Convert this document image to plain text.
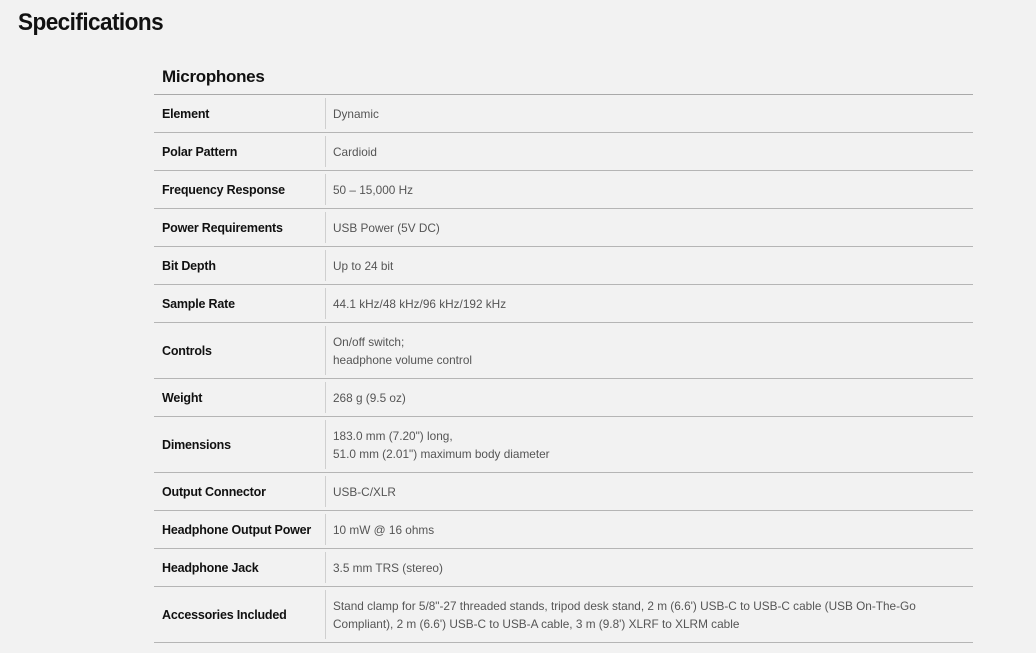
Specifications
Microphones
Element	Dynamic

Polar Pattern	Cardioid

Frequency Response	50 – 15,000 Hz

Power Requirements	USB Power (5V DC)

Bit Depth	Up to 24 bit

Sample Rate	44.1 kHz/48 kHz/96 kHz/192 kHz

Controls	On/off switch;
headphone volume control

Weight	268 g (9.5 oz)

Dimensions	183.0 mm (7.20") long,
51.0 mm (2.01") maximum body diameter

Output Connector	USB-C/XLR

Headphone Output Power	10 mW @ 16 ohms

Headphone Jack	3.5 mm TRS (stereo)

Accessories Included	Stand clamp for 5/8"-27 threaded stands, tripod desk stand, 2 m (6.6') USB-C to USB-C cable (USB On-The-Go
Compliant), 2 m (6.6') USB-C to USB-A cable, 3 m (9.8') XLRF to XLRM cable
